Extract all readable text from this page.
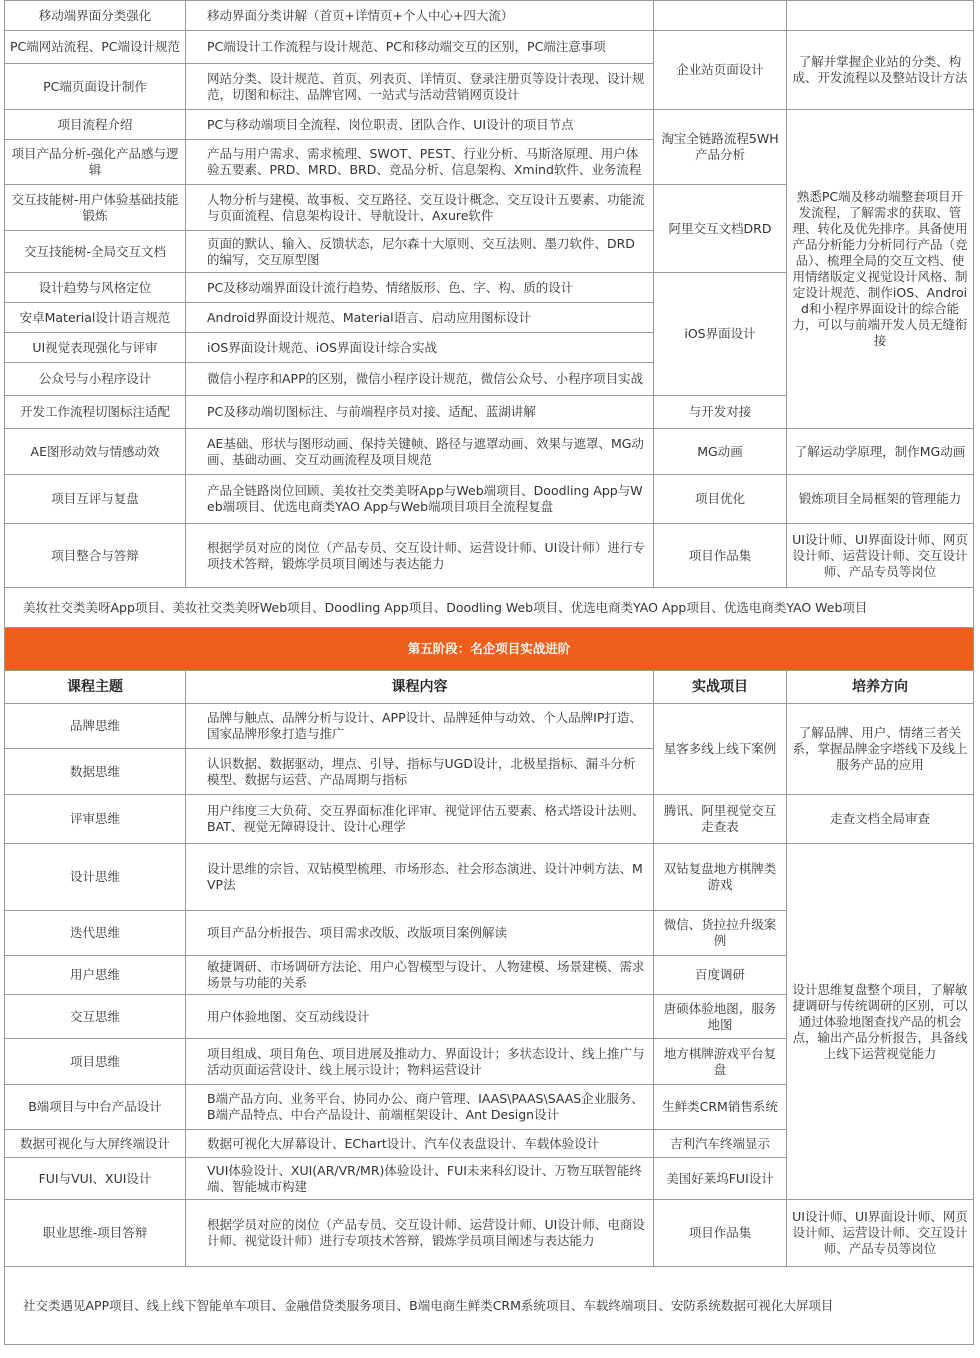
移动端界面分类强化	移动界面分类讲解（首页+详情页+个人中心+四大流）			
PC端网站流程、PC端设计规范	PC端设计工作流程与设计规范、PC和移动端交互的区别，PC端注意事项	企业站页面设计	了解并掌握企业站的分类、构成、开发流程以及整站设计方法	
PC端页面设计制作	网站分类、设计规范、首页、列表页、详情页、登录注册页等设计表现、设计规范，切图和标注、品牌官网、一站式与活动营销网页设计			
项目流程介绍	PC与移动端项目全流程、岗位职责、团队合作、UI设计的项目节点	淘宝全链路流程5WH产品分析	熟悉PC端及移动端整套项目开发流程，了解需求的获取、管理、转化及优先排序。具备使用产品分析能力分析同行产品（竞品）、梳理全局的交互文档、使用情绪版定义视觉设计风格、制定设计规范、制作iOS、Android和小程序界面设计的综合能力，可以与前端开发人员无缝衔接	
项目产品分析-强化产品感与逻辑	产品与用户需求、需求梳理、SWOT、PEST、行业分析、马斯洛原理、用户体验五要素、PRD、MRD、BRD、竞品分析、信息架构、Xmind软件、业务流程			
交互技能树-用户体验基础技能锻炼	人物分析与建模、故事板、交互路径、交互设计概念、交互设计五要素、功能流与页面流程、信息架构设计、导航设计、Axure软件	阿里交互文档DRD		
交互技能树-全局交互文档	页面的默认、输入、反馈状态，尼尔森十大原则、交互法则、墨刀软件、DRD的编写，交互原型图			
设计趋势与风格定位	PC及移动端界面设计流行趋势、情绪版形、色、字、构、质的设计	iOS界面设计		
安卓Material设计语言规范	Android界面设计规范、Material语言、启动应用图标设计			
UI视觉表现强化与评审	iOS界面设计规范、iOS界面设计综合实战			
公众号与小程序设计	微信小程序和APP的区别，微信小程序设计规范，微信公众号、小程序项目实战			
开发工作流程切图标注适配	PC及移动端切图标注、与前端程序员对接、适配、蓝湖讲解	与开发对接		
AE图形动效与情感动效	AE基础、形状与图形动画、保持关键帧、路径与遮罩动画、效果与遮罩、MG动画、基础动画、交互动画流程及项目规范	MG动画	了解运动学原理，制作MG动画	
项目互评与复盘	产品全链路岗位回顾、美妆社交类美呀App与Web端项目、Doodling App与Web端项目、优选电商类YAO App与Web端项目项目全流程复盘	项目优化	锻炼项目全局框架的管理能力	
项目整合与答辩	根据学员对应的岗位（产品专员、交互设计师、运营设计师、UI设计师）进行专项技术答辩，锻炼学员项目阐述与表达能力	项目作品集	UI设计师、UI界面设计师、网页设计师、运营设计师、交互设计师、产品专员等岗位	
美妆社交类美呀App项目、美妆社交类美呀Web项目、Doodling App项目、Doodling Web项目、优选电商类YAO App项目、优选电商类YAO Web项目				
第五阶段：名企项目实战进阶				
课程主题	课程内容	实战项目	培养方向	
品牌思维	品牌与触点、品牌分析与设计、APP设计、品牌延伸与动效、个人品牌IP打造、国家品牌形象打造与推广	星客多线上线下案例	了解品牌、用户、情绪三者关系，掌握品牌金字塔线下及线上服务产品的应用	
数据思维	认识数据、数据驱动，埋点、引导、指标与UGD设计，北极星指标、漏斗分析模型、数据与运营、产品周期与指标			
评审思维	用户纬度三大负荷、交互界面标准化评审、视觉评估五要素、格式塔设计法则、BAT、视觉无障碍设计、设计心理学	腾讯、阿里视觉交互走查表	走查文档全局审查	
设计思维	设计思维的宗旨、双钻模型梳理、市场形态、社会形态演进、设计冲刺方法、MVP法	双钻复盘地方棋牌类游戏	设计思维复盘整个项目，了解敏捷调研与传统调研的区别，可以通过体验地图查找产品的机会点，输出产品分析报告，具备线上线下运营视觉能力	
迭代思维	项目产品分析报告、项目需求改版、改版项目案例解读	微信、货拉拉升级案例		
用户思维	敏捷调研、市场调研方法论、用户心智模型与设计、人物建模、场景建模、需求场景与功能的关系	百度调研		
交互思维	用户体验地图、交互动线设计	唐硕体验地图，服务地图		
项目思维	项目组成、项目角色、项目进展及推动力、界面设计；多状态设计、线上推广与活动页面运营设计、线上展示设计；物料运营设计	地方棋牌游戏平台复盘		
B端项目与中台产品设计	B端产品方向、业务平台、协同办公、商户管理、IAAS\PAAS\SAAS企业服务、B端产品特点、中台产品设计、前端框架设计、Ant Design设计	生鲜类CRM销售系统		
数据可视化与大屏终端设计	数据可视化大屏幕设计、EChart设计、汽车仪表盘设计、车载体验设计	吉利汽车终端显示		
FUI与VUI、XUI设计	VUI体验设计、XUI(AR/VR/MR)体验设计、FUI未来科幻设计、万物互联智能终端、智能城市构建	美国好莱坞FUI设计		
职业思维-项目答辩	根据学员对应的岗位（产品专员、交互设计师、运营设计师、UI设计师、电商设计师、视觉设计师）进行专项技术答辩，锻炼学员项目阐述与表达能力	项目作品集	UI设计师、UI界面设计师、网页设计师、运营设计师、交互设计师、产品专员等岗位	
社交类遇见APP项目、线上线下智能单车项目、金融借贷类服务项目、B端电商生鲜类CRM系统项目、车载终端项目、安防系统数据可视化大屏项目				
